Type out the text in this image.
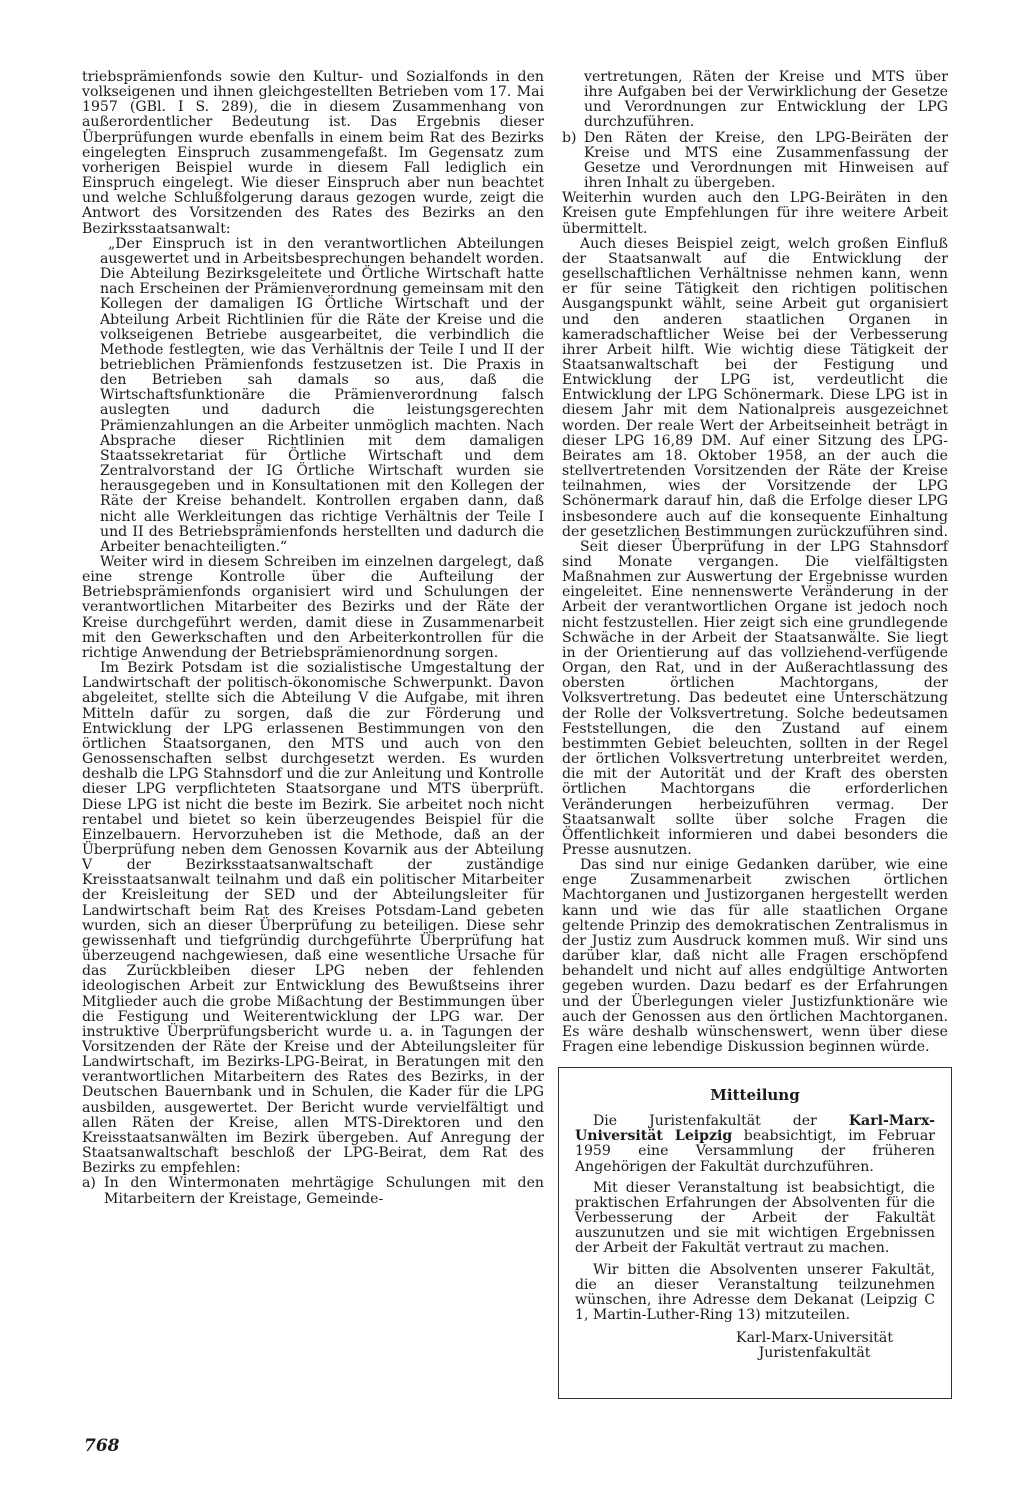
triebsprämienfonds sowie den Kultur- und Sozialfonds in den volkseigenen und ihnen gleichgestellten Betrieben vom 17. Mai 1957 (GBl. I S. 289), die in diesem Zusammenhang von außerordentlicher Bedeutung ist. Das Ergebnis dieser Überprüfungen wurde ebenfalls in einem beim Rat des Bezirks eingelegten Einspruch zusammengefaßt. Im Gegensatz zum vorherigen Beispiel wurde in diesem Fall lediglich ein Einspruch eingelegt. Wie dieser Einspruch aber nun beachtet und welche Schlußfolgerung daraus gezogen wurde, zeigt die Antwort des Vorsitzenden des Rates des Bezirks an den Bezirksstaatsanwalt:

„Der Einspruch ist in den verantwortlichen Abteilungen ausgewertet und in Arbeitsbesprechungen behandelt worden. Die Abteilung Bezirksgeleitete und Örtliche Wirtschaft hatte nach Erscheinen der Prämienverordnung gemeinsam mit den Kollegen der damaligen IG Örtliche Wirtschaft und der Abteilung Arbeit Richtlinien für die Räte der Kreise und die volkseigenen Betriebe ausgearbeitet, die verbindlich die Methode festlegten, wie das Verhältnis der Teile I und II der betrieblichen Prämienfonds festzusetzen ist. Die Praxis in den Betrieben sah damals so aus, daß die Wirtschaftsfunktionäre die Prämienverordnung falsch auslegten und dadurch die leistungsgerechten Prämienzahlungen an die Arbeiter unmöglich machten. Nach Absprache dieser Richtlinien mit dem damaligen Staatssekretariat für Örtliche Wirtschaft und dem Zentralvorstand der IG Örtliche Wirtschaft wurden sie herausgegeben und in Konsultationen mit den Kollegen der Räte der Kreise behandelt. Kontrollen ergaben dann, daß nicht alle Werkleitungen das richtige Verhältnis der Teile I und II des Betriebsprämienfonds herstellten und dadurch die Arbeiter benachteiligten.“

Weiter wird in diesem Schreiben im einzelnen dargelegt, daß eine strenge Kontrolle über die Aufteilung der Betriebsprämienfonds organisiert wird und Schulungen der verantwortlichen Mitarbeiter des Bezirks und der Räte der Kreise durchgeführt werden, damit diese in Zusammenarbeit mit den Gewerkschaften und den Arbeiterkontrollen für die richtige Anwendung der Betriebsprämienordnung sorgen.

Im Bezirk Potsdam ist die sozialistische Umgestaltung der Landwirtschaft der politisch-ökonomische Schwerpunkt. Davon abgeleitet, stellte sich die Abteilung V die Aufgabe, mit ihren Mitteln dafür zu sorgen, daß die zur Förderung und Entwicklung der LPG erlassenen Bestimmungen von den örtlichen Staatsorganen, den MTS und auch von den Genossenschaften selbst durchgesetzt werden. Es wurden deshalb die LPG Stahnsdorf und die zur Anleitung und Kontrolle dieser LPG verpflichteten Staatsorgane und MTS überprüft. Diese LPG ist nicht die beste im Bezirk. Sie arbeitet noch nicht rentabel und bietet so kein überzeugendes Beispiel für die Einzelbauern. Hervorzuheben ist die Methode, daß an der Überprüfung neben dem Genossen Kovarnik aus der Abteilung V der Bezirksstaatsanwaltschaft der zuständige Kreisstaatsanwalt teilnahm und daß ein politischer Mitarbeiter der Kreisleitung der SED und der Abteilungsleiter für Landwirtschaft beim Rat des Kreises Potsdam-Land gebeten wurden, sich an dieser Überprüfung zu beteiligen. Diese sehr gewissenhaft und tiefgründig durchgeführte Überprüfung hat überzeugend nachgewiesen, daß eine wesentliche Ursache für das Zurückbleiben dieser LPG neben der fehlenden ideologischen Arbeit zur Entwicklung des Bewußtseins ihrer Mitglieder auch die grobe Mißachtung der Bestimmungen über die Festigung und Weiterentwicklung der LPG war. Der instruktive Überprüfungsbericht wurde u. a. in Tagungen der Vorsitzenden der Räte der Kreise und der Abteilungsleiter für Landwirtschaft, im Bezirks-LPG-Beirat, in Beratungen mit den verantwortlichen Mitarbeitern des Rates des Bezirks, in der Deutschen Bauernbank und in Schulen, die Kader für die LPG ausbilden, ausgewertet. Der Bericht wurde vervielfältigt und allen Räten der Kreise, allen MTS-Direktoren und den Kreisstaatsanwälten im Bezirk übergeben. Auf Anregung der Staatsanwaltschaft beschloß der LPG-Beirat, dem Rat des Bezirks zu empfehlen:

a) In den Wintermonaten mehrtägige Schulungen mit den Mitarbeitern der Kreistage, Gemeinde-
vertretungen, Räten der Kreise und MTS über ihre Aufgaben bei der Verwirklichung der Gesetze und Verordnungen zur Entwicklung der LPG durchzuführen.
b) Den Räten der Kreise, den LPG-Beiräten der Kreise und MTS eine Zusammenfassung der Gesetze und Verordnungen mit Hinweisen auf ihren Inhalt zu übergeben.

Weiterhin wurden auch den LPG-Beiräten in den Kreisen gute Empfehlungen für ihre weitere Arbeit übermittelt.

Auch dieses Beispiel zeigt, welch großen Einfluß der Staatsanwalt auf die Entwicklung der gesellschaftlichen Verhältnisse nehmen kann, wenn er für seine Tätigkeit den richtigen politischen Ausgangspunkt wählt, seine Arbeit gut organisiert und den anderen staatlichen Organen in kameradschaftlicher Weise bei der Verbesserung ihrer Arbeit hilft. Wie wichtig diese Tätigkeit der Staatsanwaltschaft bei der Festigung und Entwicklung der LPG ist, verdeutlicht die Entwicklung der LPG Schönermark. Diese LPG ist in diesem Jahr mit dem Nationalpreis ausgezeichnet worden. Der reale Wert der Arbeitseinheit beträgt in dieser LPG 16,89 DM. Auf einer Sitzung des LPG-Beirates am 18. Oktober 1958, an der auch die stellvertretenden Vorsitzenden der Räte der Kreise teilnahmen, wies der Vorsitzende der LPG Schönermark darauf hin, daß die Erfolge dieser LPG insbesondere auch auf die konsequente Einhaltung der gesetzlichen Bestimmungen zurückzuführen sind.

Seit dieser Überprüfung in der LPG Stahnsdorf sind Monate vergangen. Die vielfältigsten Maßnahmen zur Auswertung der Ergebnisse wurden eingeleitet. Eine nennenswerte Veränderung in der Arbeit der verantwortlichen Organe ist jedoch noch nicht festzustellen. Hier zeigt sich eine grundlegende Schwäche in der Arbeit der Staatsanwälte. Sie liegt in der Orientierung auf das vollziehend-verfügende Organ, den Rat, und in der Außerachtlassung des obersten örtlichen Machtorgans, der Volksvertretung. Das bedeutet eine Unterschätzung der Rolle der Volksvertretung. Solche bedeutsamen Feststellungen, die den Zustand auf einem bestimmten Gebiet beleuchten, sollten in der Regel der örtlichen Volksvertretung unterbreitet werden, die mit der Autorität und der Kraft des obersten örtlichen Machtorgans die erforderlichen Veränderungen herbeizuführen vermag. Der Staatsanwalt sollte über solche Fragen die Öffentlichkeit informieren und dabei besonders die Presse ausnutzen.

Das sind nur einige Gedanken darüber, wie eine enge Zusammenarbeit zwischen örtlichen Machtorganen und Justizorganen hergestellt werden kann und wie das für alle staatlichen Organe geltende Prinzip des demokratischen Zentralismus in der Justiz zum Ausdruck kommen muß. Wir sind uns darüber klar, daß nicht alle Fragen erschöpfend behandelt und nicht auf alles endgültige Antworten gegeben wurden. Dazu bedarf es der Erfahrungen und der Überlegungen vieler Justizfunktionäre wie auch der Genossen aus den örtlichen Machtorganen. Es wäre deshalb wünschenswert, wenn über diese Fragen eine lebendige Diskussion beginnen würde.

Mitteilung

Die Juristenfakultät der Karl-Marx-Universität Leipzig beabsichtigt, im Februar 1959 eine Versammlung der früheren Angehörigen der Fakultät durchzuführen.

Mit dieser Veranstaltung ist beabsichtigt, die praktischen Erfahrungen der Absolventen für die Verbesserung der Arbeit der Fakultät auszunutzen und sie mit wichtigen Ergebnissen der Arbeit der Fakultät vertraut zu machen.

Wir bitten die Absolventen unserer Fakultät, die an dieser Veranstaltung teilzunehmen wünschen, ihre Adresse dem Dekanat (Leipzig C 1, Martin-Luther-Ring 13) mitzuteilen.

Karl-Marx-Universität
Juristenfakultät
768
